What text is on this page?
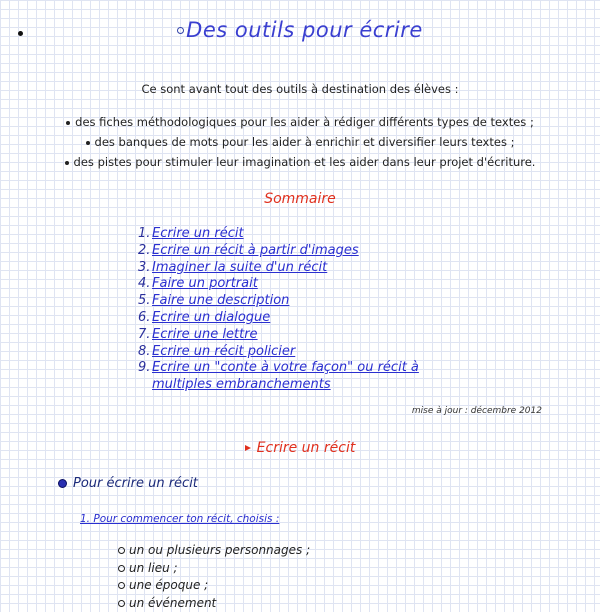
Des outils pour écrire
Ce sont avant tout des outils à destination des élèves :
des fiches méthodologiques pour les aider à rédiger différents types de textes ;
des banques de mots pour les aider à enrichir et diversifier leurs textes ;
des pistes pour stimuler leur imagination et les aider dans leur projet d'écriture.
Sommaire
1. Ecrire un récit
2. Ecrire un récit à partir d'images
3. Imaginer la suite d'un récit
4. Faire un portrait
5. Faire une description
6. Ecrire un dialogue
7. Ecrire une lettre
8. Ecrire un récit policier
9. Ecrire un "conte à votre façon" ou récit à
multiples embranchements
mise à jour : décembre 2012
Ecrire un récit
Pour écrire un récit
1. Pour commencer ton récit, choisis :
un ou plusieurs personnages ;
un lieu ;
une époque ;
un événement
